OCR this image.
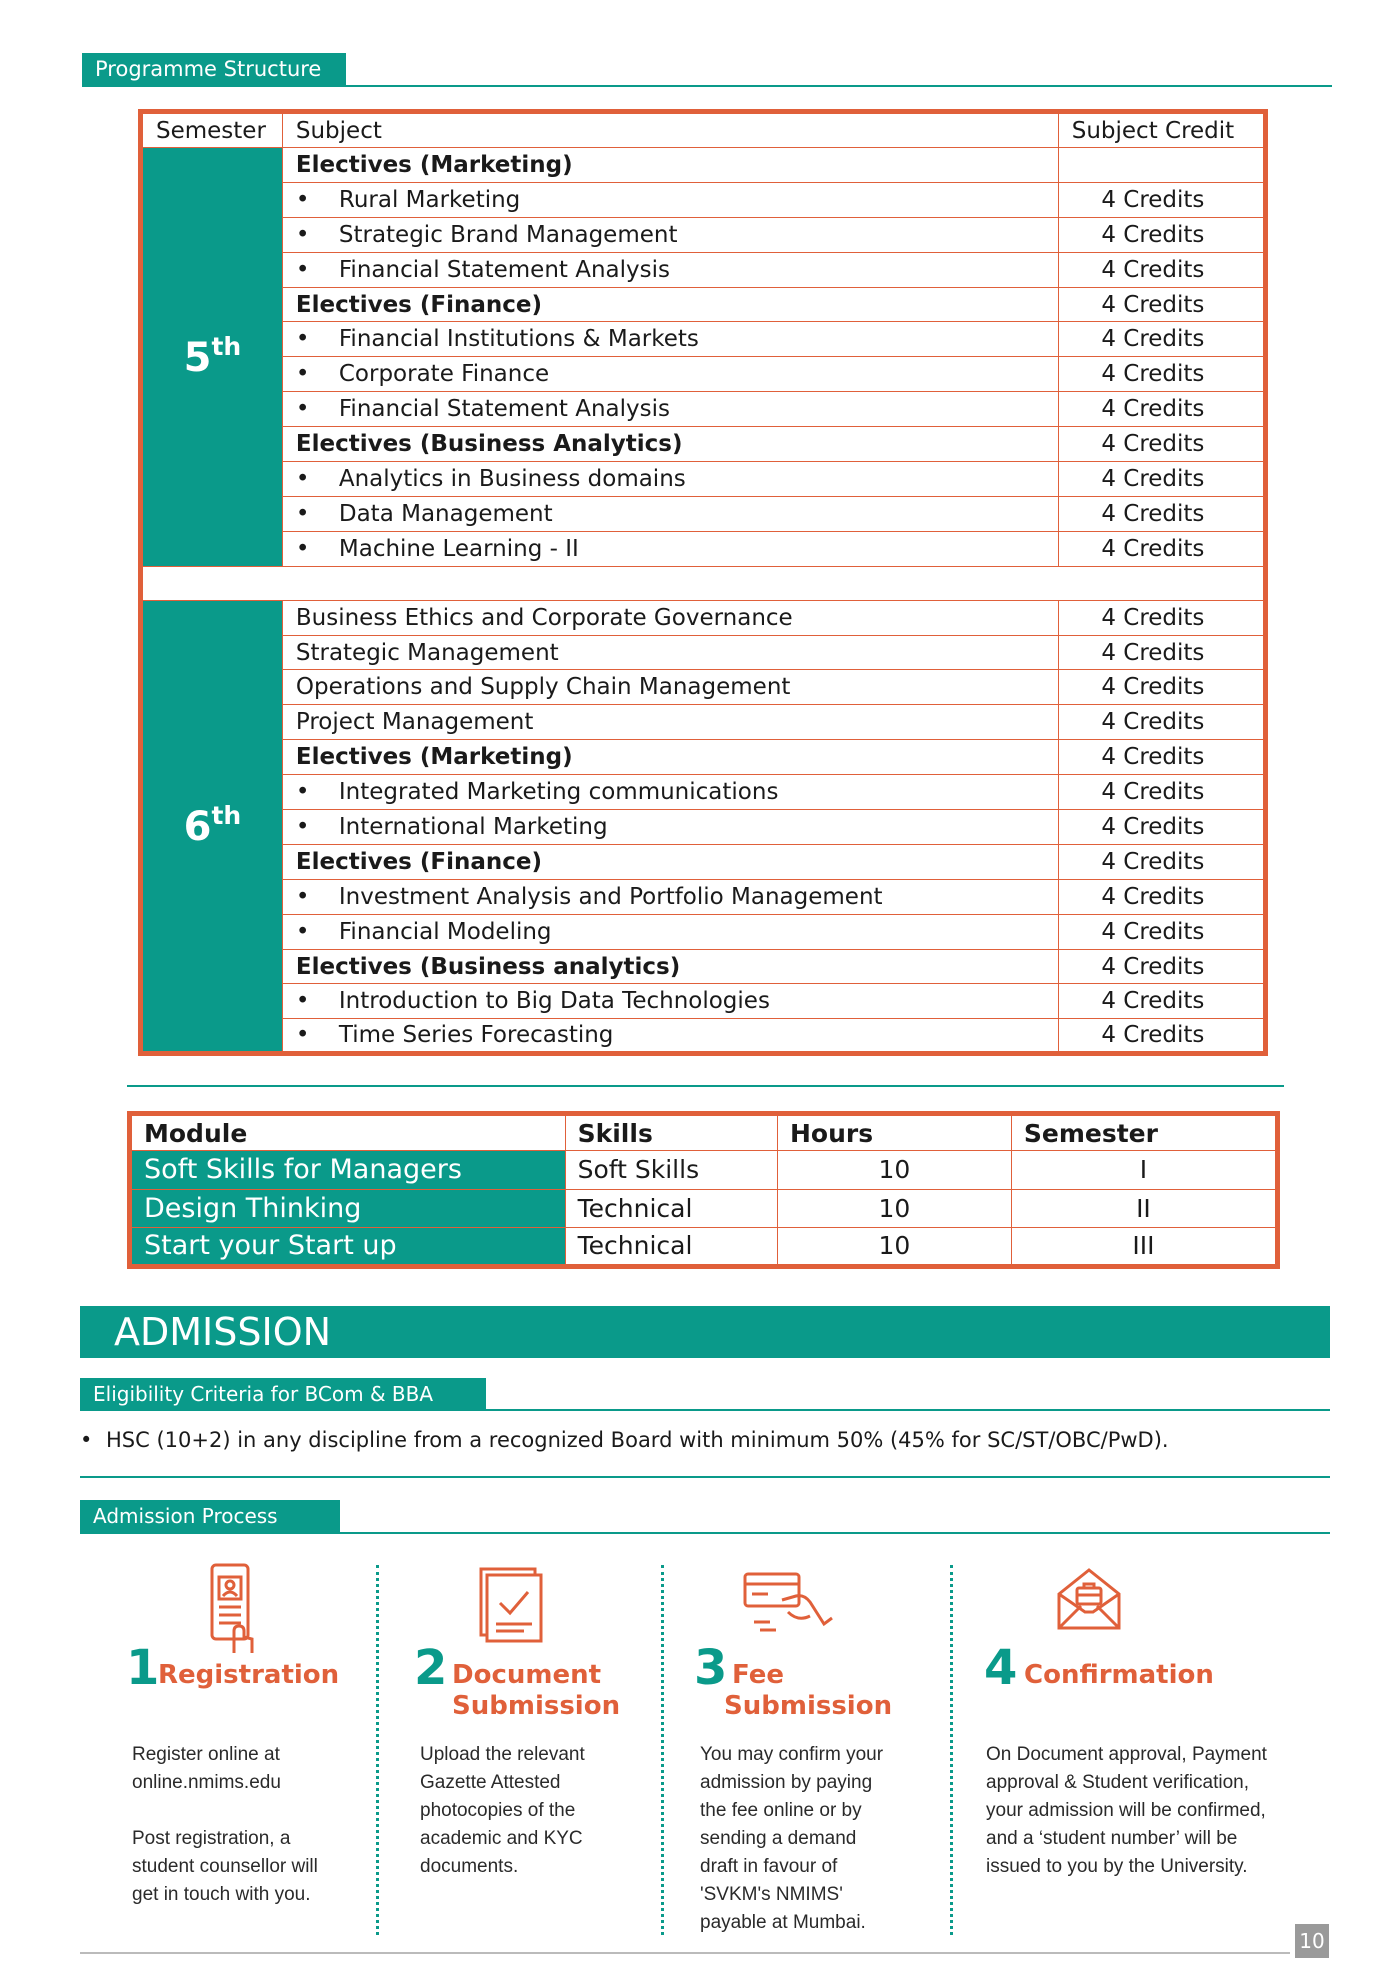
Programme Structure
Semester	Subject	Subject Credit
5th	Electives (Marketing)	
	• Rural Marketing	4 Credits
	• Strategic Brand Management	4 Credits
	• Financial Statement Analysis	4 Credits
	Electives (Finance)	4 Credits
	• Financial Institutions & Markets	4 Credits
	• Corporate Finance	4 Credits
	• Financial Statement Analysis	4 Credits
	Electives (Business Analytics)	4 Credits
	• Analytics in Business domains	4 Credits
	• Data Management	4 Credits
	• Machine Learning - II	4 Credits

6th	Business Ethics and Corporate Governance	4 Credits
	Strategic Management	4 Credits
	Operations and Supply Chain Management	4 Credits
	Project Management	4 Credits
	Electives (Marketing)	4 Credits
	• Integrated Marketing communications	4 Credits
	• International Marketing	4 Credits
	Electives (Finance)	4 Credits
	• Investment Analysis and Portfolio Management	4 Credits
	• Financial Modeling	4 Credits
	Electives (Business analytics)	4 Credits
	• Introduction to Big Data Technologies	4 Credits
	• Time Series Forecasting	4 Credits
Module	Skills	Hours	Semester
Soft Skills for Managers	Soft Skills	10	I
Design Thinking	Technical	10	II
Start your Start up	Technical	10	III
ADMISSION
Eligibility Criteria for BCom & BBA
• HSC (10+2) in any discipline from a recognized Board with minimum 50% (45% for SC/ST/OBC/PwD).
Admission Process
1
Registration 2 Document
Submission
3 Fee
Submission
4 Confirmation
Register online at
online.nmims.edu
Post registration, a
student counsellor will
get in touch with you.
Upload the relevant
Gazette Attested
photocopies of the
academic and KYC
documents.
You may confirm your
admission by paying
the fee online or by
sending a demand
draft in favour of
'SVKM's NMIMS'
payable at Mumbai.
On Document approval, Payment
approval & Student verification,
your admission will be confirmed,
and a ‘student number’ will be
issued to you by the University.
10
